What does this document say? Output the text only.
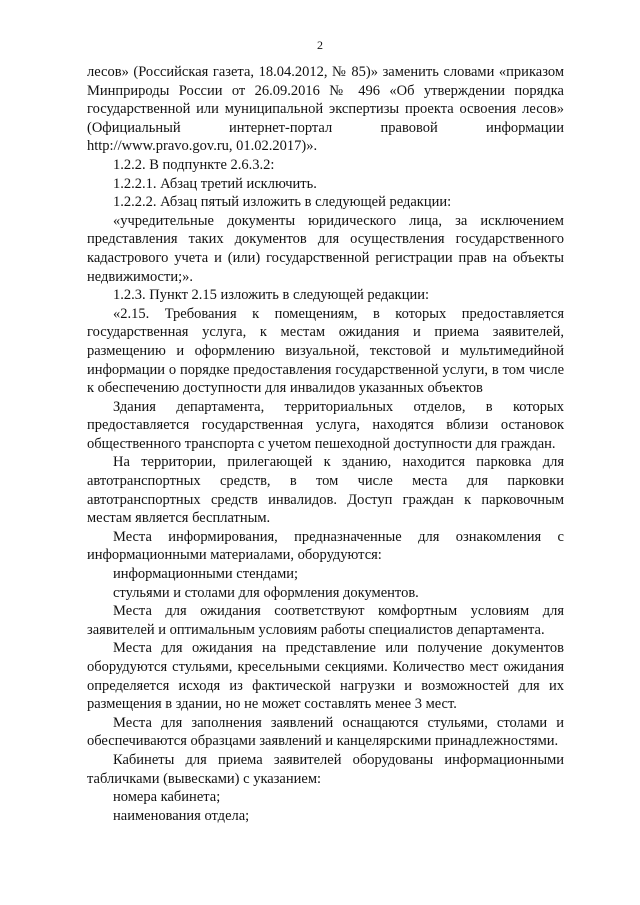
2

лесов» (Российская газета, 18.04.2012, № 85)» заменить словами «приказом Минприроды России от 26.09.2016 № 496 «Об утверждении порядка государственной или муниципальной экспертизы проекта освоения лесов» (Официальный интернет-портал правовой информации http://www.pravo.gov.ru, 01.02.2017)».

1.2.2. В подпункте 2.6.3.2:

1.2.2.1. Абзац третий исключить.

1.2.2.2. Абзац пятый изложить в следующей редакции:

«учредительные документы юридического лица, за исключением представления таких документов для осуществления государственного кадастрового учета и (или) государственной регистрации прав на объекты недвижимости;».

1.2.3. Пункт 2.15 изложить в следующей редакции:

«2.15. Требования к помещениям, в которых предоставляется государственная услуга, к местам ожидания и приема заявителей, размещению и оформлению визуальной, текстовой и мультимедийной информации о порядке предоставления государственной услуги, в том числе к обеспечению доступности для инвалидов указанных объектов

Здания департамента, территориальных отделов, в которых предоставляется государственная услуга, находятся вблизи остановок общественного транспорта с учетом пешеходной доступности для граждан.

На территории, прилегающей к зданию, находится парковка для автотранспортных средств, в том числе места для парковки автотранспортных средств инвалидов. Доступ граждан к парковочным местам является бесплатным.

Места информирования, предназначенные для ознакомления с информационными материалами, оборудуются:

информационными стендами;

стульями и столами для оформления документов.

Места для ожидания соответствуют комфортным условиям для заявителей и оптимальным условиям работы специалистов департамента.

Места для ожидания на представление или получение документов оборудуются стульями, кресельными секциями. Количество мест ожидания определяется исходя из фактической нагрузки и возможностей для их размещения в здании, но не может составлять менее 3 мест.

Места для заполнения заявлений оснащаются стульями, столами и обеспечиваются образцами заявлений и канцелярскими принадлежностями.

Кабинеты для приема заявителей оборудованы информационными табличками (вывесками) с указанием:

номера кабинета;

наименования отдела;
